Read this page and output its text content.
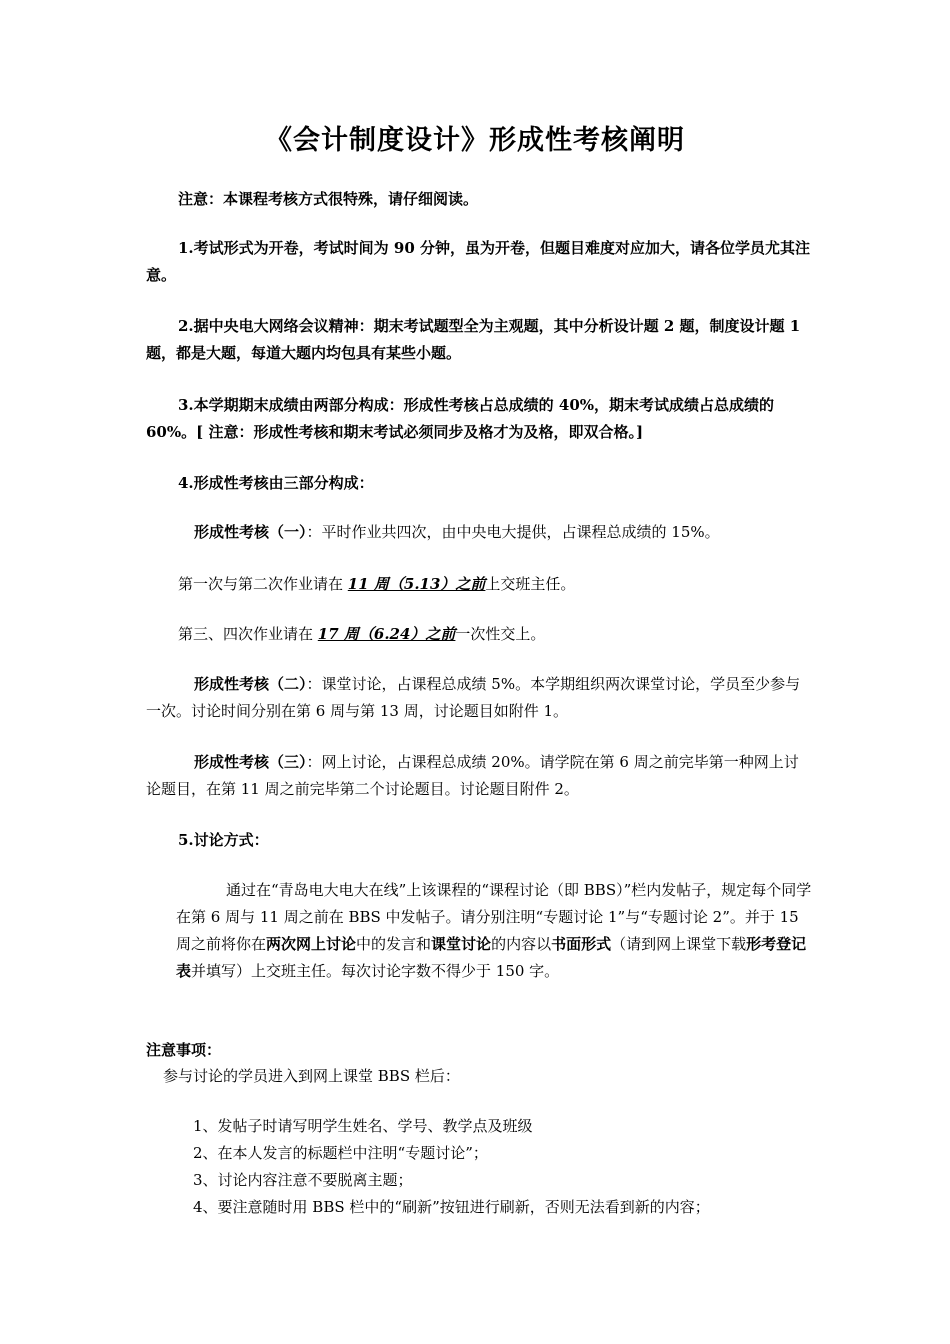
《会计制度设计》形成性考核阐明
注意：本课程考核方式很特殊，请仔细阅读。
1.考试形式为开卷，考试时间为 90 分钟，虽为开卷，但题目难度对应加大，请各位学员尤其注意。
2.据中央电大网络会议精神：期末考试题型全为主观题，其中分析设计题 2 题，制度设计题 1 题，都是大题，每道大题内均包具有某些小题。
3.本学期期末成绩由两部分构成：形成性考核占总成绩的 40%，期末考试成绩占总成绩的 60%。[ 注意：形成性考核和期末考试必须同步及格才为及格，即双合格。]
4.形成性考核由三部分构成：
形成性考核（一）：平时作业共四次，由中央电大提供，占课程总成绩的 15%。
第一次与第二次作业请在 11 周（5.13）之前上交班主任。
第三、四次作业请在 17 周（6.24）之前一次性交上。
形成性考核（二）：课堂讨论，占课程总成绩 5%。本学期组织两次课堂讨论，学员至少参与一次。讨论时间分别在第 6 周与第 13 周，讨论题目如附件 1。
形成性考核（三）：网上讨论，占课程总成绩 20%。请学院在第 6 周之前完毕第一种网上讨论题目，在第 11 周之前完毕第二个讨论题目。讨论题目附件 2。
5.讨论方式：
通过在“青岛电大电大在线”上该课程的“课程讨论（即 BBS）”栏内发帖子，规定每个同学在第 6 周与 11 周之前在 BBS 中发帖子。请分别注明“专题讨论 1”与“专题讨论 2”。并于 15 周之前将你在两次网上讨论中的发言和课堂讨论的内容以书面形式（请到网上课堂下载形考登记表并填写）上交班主任。每次讨论字数不得少于 150 字。
注意事项：
参与讨论的学员进入到网上课堂 BBS 栏后：
1、发帖子时请写明学生姓名、学号、教学点及班级
2、在本人发言的标题栏中注明“专题讨论”；
3、讨论内容注意不要脱离主题；
4、要注意随时用 BBS 栏中的“刷新”按钮进行刷新，否则无法看到新的内容；
